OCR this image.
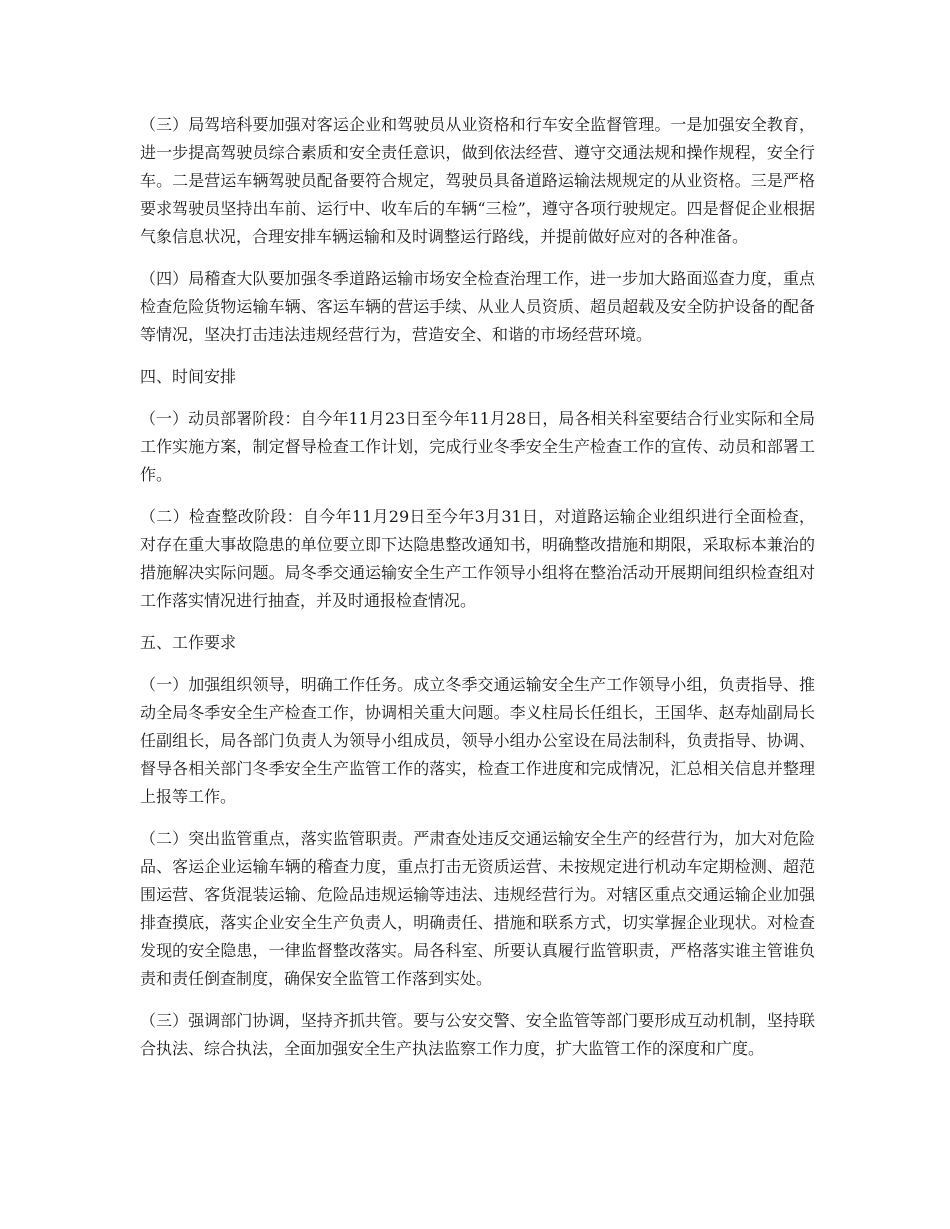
（三）局驾培科要加强对客运企业和驾驶员从业资格和行车安全监督管理。一是加强安全教育，进一步提高驾驶员综合素质和安全责任意识，做到依法经营、遵守交通法规和操作规程，安全行车。二是营运车辆驾驶员配备要符合规定，驾驶员具备道路运输法规规定的从业资格。三是严格要求驾驶员坚持出车前、运行中、收车后的车辆“三检”，遵守各项行驶规定。四是督促企业根据气象信息状况，合理安排车辆运输和及时调整运行路线，并提前做好应对的各种准备。

（四）局稽查大队要加强冬季道路运输市场安全检查治理工作，进一步加大路面巡查力度，重点检查危险货物运输车辆、客运车辆的营运手续、从业人员资质、超员超载及安全防护设备的配备等情况，坚决打击违法违规经营行为，营造安全、和谐的市场经营环境。

四、时间安排

（一）动员部署阶段：自今年11月23日至今年11月28日，局各相关科室要结合行业实际和全局工作实施方案，制定督导检查工作计划，完成行业冬季安全生产检查工作的宣传、动员和部署工作。

（二）检查整改阶段：自今年11月29日至今年3月31日，对道路运输企业组织进行全面检查，对存在重大事故隐患的单位要立即下达隐患整改通知书，明确整改措施和期限，采取标本兼治的措施解决实际问题。局冬季交通运输安全生产工作领导小组将在整治活动开展期间组织检查组对工作落实情况进行抽查，并及时通报检查情况。

五、工作要求

（一）加强组织领导，明确工作任务。成立冬季交通运输安全生产工作领导小组，负责指导、推动全局冬季安全生产检查工作，协调相关重大问题。李义柱局长任组长，王国华、赵寿灿副局长任副组长，局各部门负责人为领导小组成员，领导小组办公室设在局法制科，负责指导、协调、督导各相关部门冬季安全生产监管工作的落实，检查工作进度和完成情况，汇总相关信息并整理上报等工作。

（二）突出监管重点，落实监管职责。严肃查处违反交通运输安全生产的经营行为，加大对危险品、客运企业运输车辆的稽查力度，重点打击无资质运营、未按规定进行机动车定期检测、超范围运营、客货混装运输、危险品违规运输等违法、违规经营行为。对辖区重点交通运输企业加强排查摸底，落实企业安全生产负责人，明确责任、措施和联系方式，切实掌握企业现状。对检查发现的安全隐患，一律监督整改落实。局各科室、所要认真履行监管职责，严格落实谁主管谁负责和责任倒查制度，确保安全监管工作落到实处。

（三）强调部门协调，坚持齐抓共管。要与公安交警、安全监管等部门要形成互动机制，坚持联合执法、综合执法，全面加强安全生产执法监察工作力度，扩大监管工作的深度和广度。
